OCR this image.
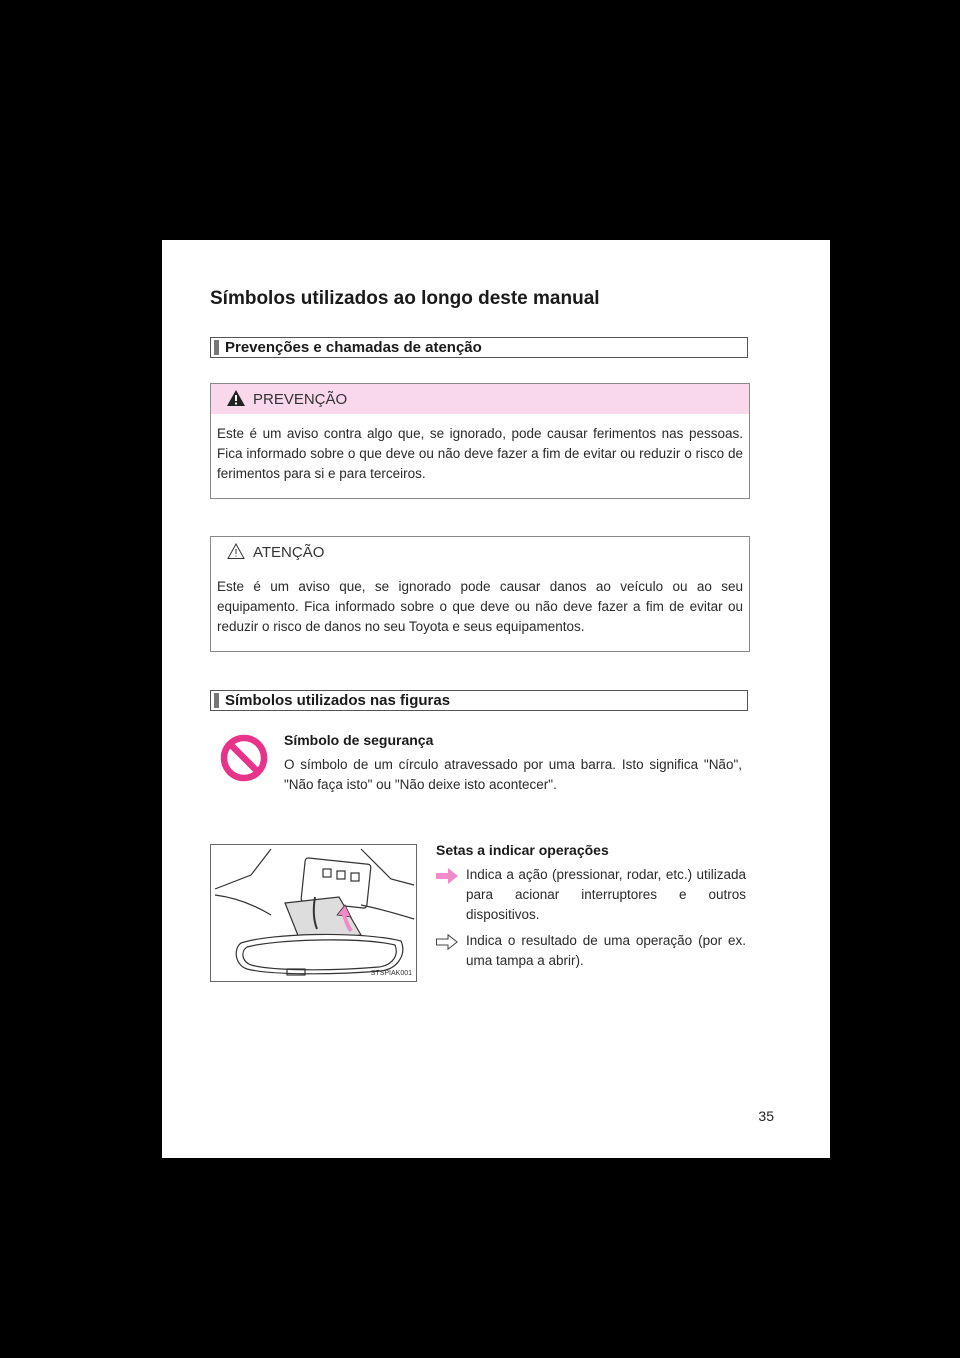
Símbolos utilizados ao longo deste manual
Prevenções e chamadas de atenção
PREVENÇÃO
Este é um aviso contra algo que, se ignorado, pode causar ferimentos nas pessoas. Fica informado sobre o que deve ou não deve fazer a fim de evitar ou reduzir o risco de ferimentos para si e para terceiros.
ATENÇÃO
Este é um aviso que, se ignorado pode causar danos ao veículo ou ao seu equipamento. Fica informado sobre o que deve ou não deve fazer a fim de evitar ou reduzir o risco de danos no seu Toyota e seus equipamentos.
Símbolos utilizados nas figuras
Símbolo de segurança
O símbolo de um círculo atravessado por uma barra. Isto significa "Não", "Não faça isto" ou "Não deixe isto acontecer".
STSPIAK001
Setas a indicar operações
Indica a ação (pressionar, rodar, etc.) utilizada para acionar interruptores e outros dispositivos.
Indica o resultado de uma operação (por ex. uma tampa a abrir).
35
